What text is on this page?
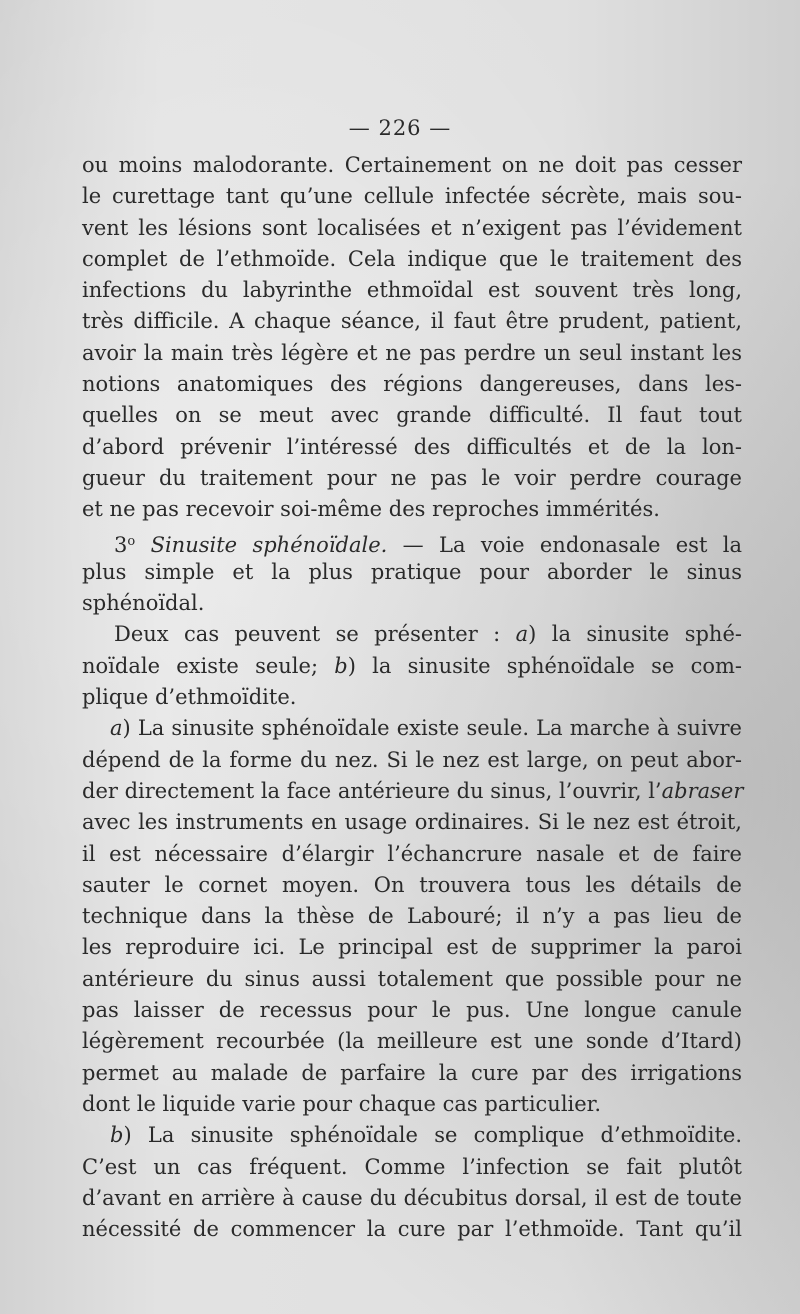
— 226 —
ou moins malodorante. Certainement on ne doit pas cesser
le curettage tant qu’une cellule infectée sécrète, mais sou-
vent les lésions sont localisées et n’exigent pas l’évidement
complet de l’ethmoïde. Cela indique que le traitement des
infections du labyrinthe ethmoïdal est souvent très long,
très difficile. A chaque séance, il faut être prudent, patient,
avoir la main très légère et ne pas perdre un seul instant les
notions anatomiques des régions dangereuses, dans les-
quelles on se meut avec grande difficulté. Il faut tout
d’abord prévenir l’intéressé des difficultés et de la lon-
gueur du traitement pour ne pas le voir perdre courage
et ne pas recevoir soi-même des reproches immérités.
3$^o$ Sinusite sphénoïdale. — La voie endonasale est la
plus simple et la plus pratique pour aborder le sinus
sphénoïdal.
Deux cas peuvent se présenter : a) la sinusite sphé-
noïdale existe seule; b) la sinusite sphénoïdale se com-
plique d’ethmoïdite.
a) La sinusite sphénoïdale existe seule. La marche à suivre
dépend de la forme du nez. Si le nez est large, on peut abor-
der directement la face antérieure du sinus, l’ouvrir, l’abraser
avec les instruments en usage ordinaires. Si le nez est étroit,
il est nécessaire d’élargir l’échancrure nasale et de faire
sauter le cornet moyen. On trouvera tous les détails de
technique dans la thèse de Labouré; il n’y a pas lieu de
les reproduire ici. Le principal est de supprimer la paroi
antérieure du sinus aussi totalement que possible pour ne
pas laisser de recessus pour le pus. Une longue canule
légèrement recourbée (la meilleure est une sonde d’Itard)
permet au malade de parfaire la cure par des irrigations
dont le liquide varie pour chaque cas particulier.
b) La sinusite sphénoïdale se complique d’ethmoïdite.
C’est un cas fréquent. Comme l’infection se fait plutôt
d’avant en arrière à cause du décubitus dorsal, il est de toute
nécessité de commencer la cure par l’ethmoïde. Tant qu’il
